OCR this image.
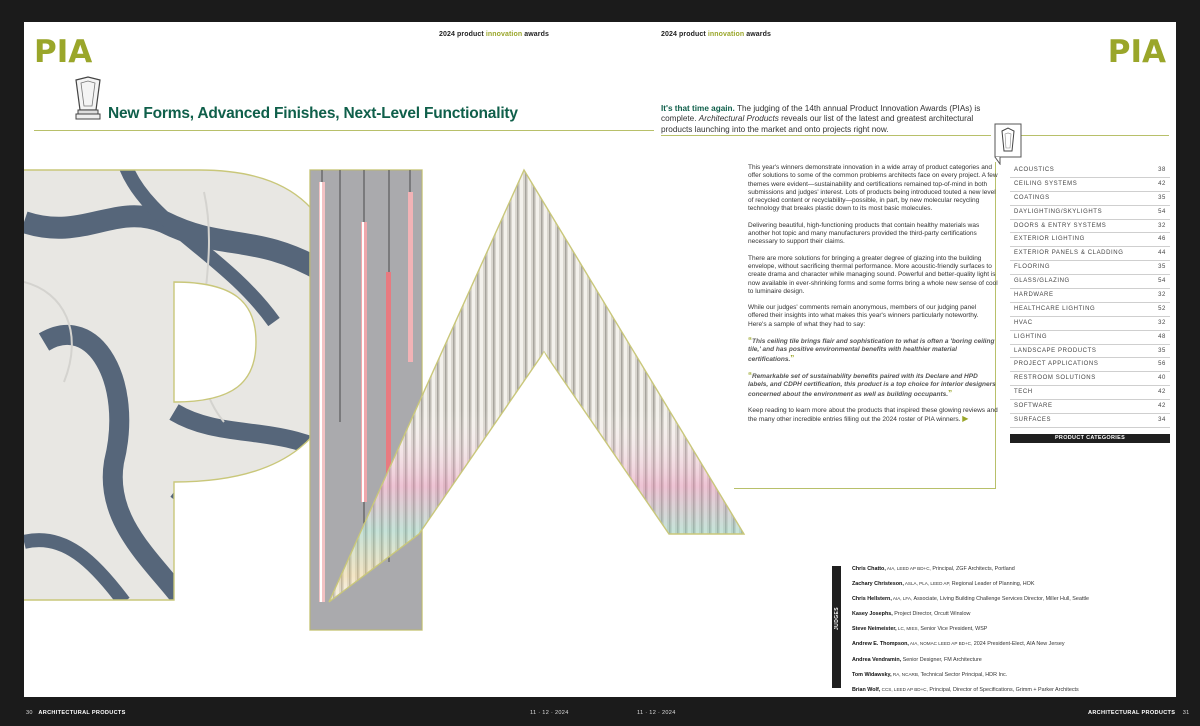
PIA	PIA
2024 product innovation awards	2024 product innovation awards
New Forms, Advanced Finishes, Next-Level Functionality	It's that time again. The judging of the 14th annual Product Innovation Awards (PIAs) is complete. Architectural Products reveals our list of the latest and greatest architectural products launching into the market and onto projects right now.

This year's winners demonstrate innovation in a wide array of product categories and offer solutions to some of the common problems architects face on every project. A few themes were evident—sustainability and certifications remained top-of-mind in both submissions and judges' interest. Lots of products being introduced touted a new level of recycled content or recyclability—possible, in part, by new molecular recycling technology that breaks plastic down to its most basic molecules.

Delivering beautiful, high-functioning products that contain healthy materials was another hot topic and many manufacturers provided the third-party certifications necessary to support their claims.

There are more solutions for bringing a greater degree of glazing into the building envelope, without sacrificing thermal performance. More acoustic-friendly surfaces to create drama and character while managing sound. Powerful and better-quality light is now available in ever-shrinking forms and some forms bring a whole new sense of cool to luminaire design.

While our judges' comments remain anonymous, members of our judging panel offered their insights into what makes this year's winners particularly noteworthy. Here's a sample of what they had to say:

“This ceiling tile brings flair and sophistication to what is often a 'boring ceiling tile,' and has positive environmental benefits with healthier material certifications.”

“Remarkable set of sustainability benefits paired with its Declare and HPD labels, and CDPH certification, this product is a top choice for interior designers concerned about the environment as well as building occupants.”

Keep reading to learn more about the products that inspired these glowing reviews and the many other incredible entries filling out the 2024 roster of PIA winners. ▶

ACOUSTICS	38
CEILING SYSTEMS	42
COATINGS	35
DAYLIGHTING/SKYLIGHTS	54
DOORS & ENTRY SYSTEMS	32
EXTERIOR LIGHTING	46
EXTERIOR PANELS & CLADDING	44
FLOORING	35
GLASS/GLAZING	54
HARDWARE	32
HEALTHCARE LIGHTING	52
HVAC	32
LIGHTING	48
LANDSCAPE PRODUCTS	35
PROJECT APPLICATIONS	56
RESTROOM SOLUTIONS	40
TECH	42
SOFTWARE	42
SURFACES	34
PRODUCT CATEGORIES
JUDGES
Chris Chatto, AIA, LEED AP BD+C, Principal, ZGF Architects, Portland
Zachary Christeson, ASLA, PLA, LEED AP, Regional Leader of Planning, HOK
Chris Hellstern, AIA, LFA, Associate, Living Building Challenge Services Director, Miller Hull, Seattle
Kasey Josephs, Project Director, Orcutt Winslow
Steve Neimeister, LC, MIES, Senior Vice President, WSP
Andrew E. Thompson, AIA, NOMAC LEED AP BD+C, 2024 President-Elect, AIA New Jersey
Andrea Vendramin, Senior Designer, FM Architecture
Tom Widawsky, RA, NCARB, Technical Sector Principal, HDR Inc.
Brian Wolf, CCS, LEED AP BD+C, Principal, Director of Specifications, Grimm + Parker Architects
30 ARCHITECTURAL PRODUCTS	11 · 12 · 2024	11 · 12 · 2024	ARCHITECTURAL PRODUCTS 31
